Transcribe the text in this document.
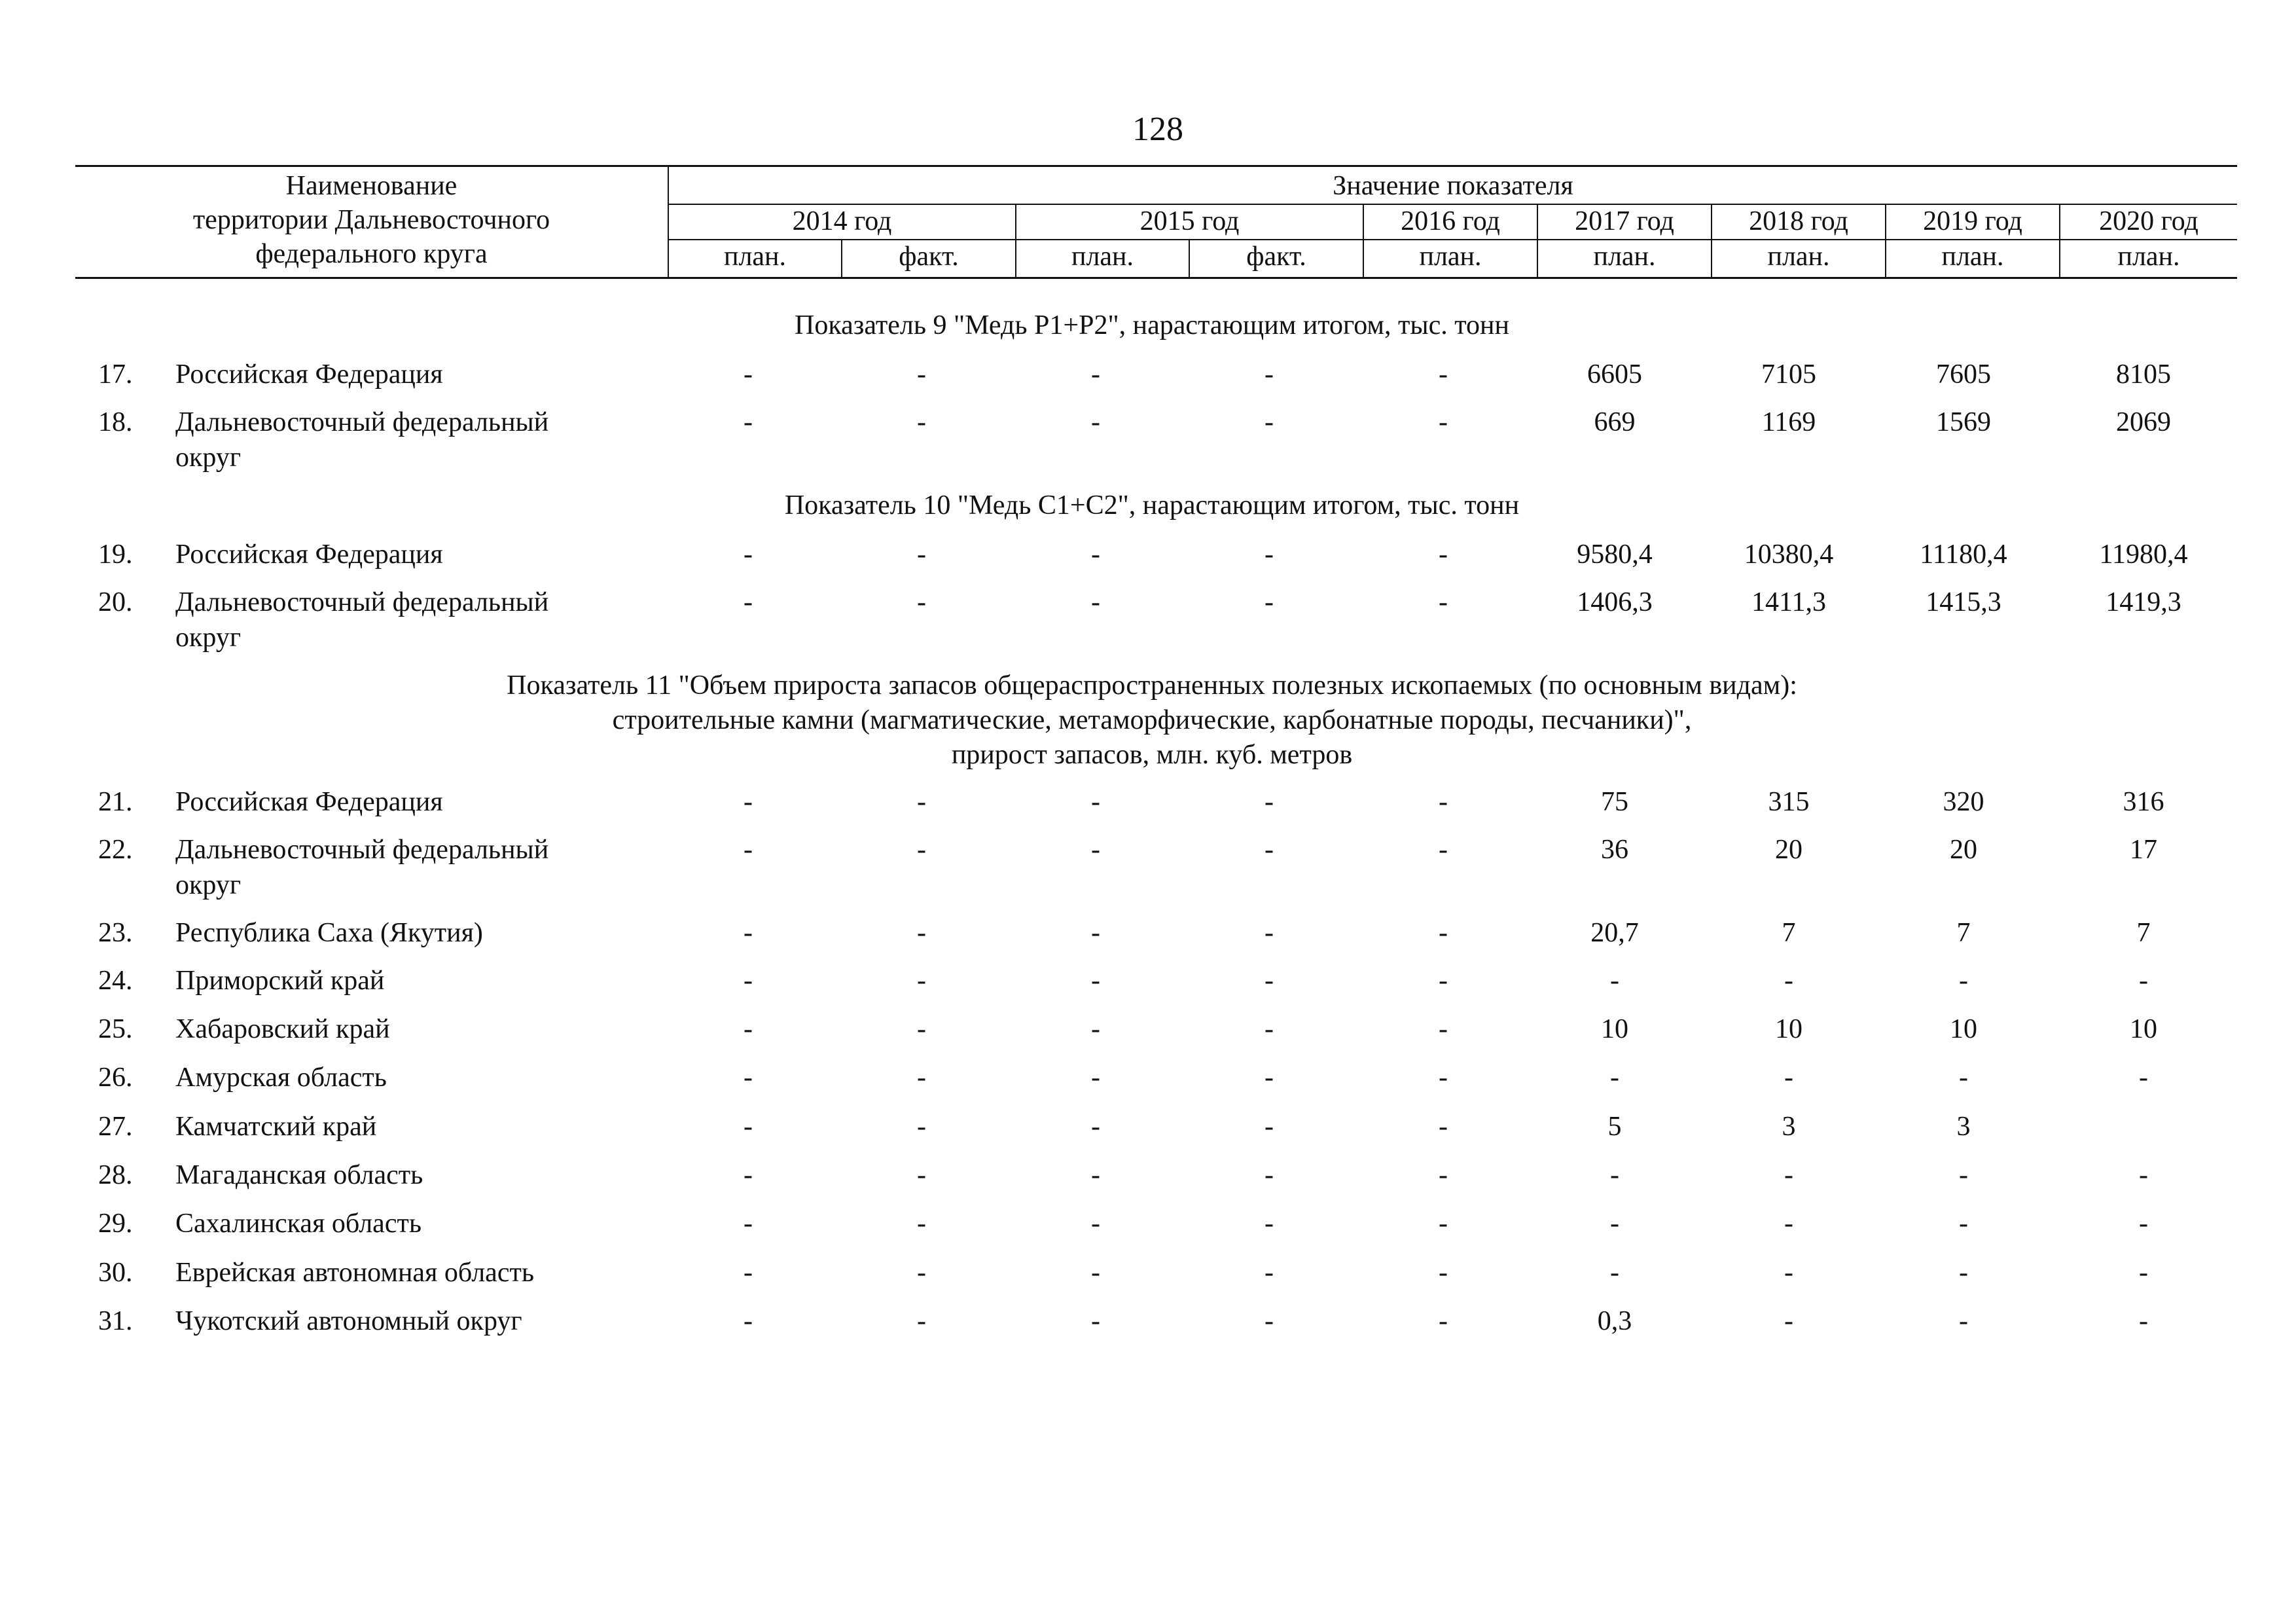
128
Наименование
территории Дальневосточного
федерального круга
Значение показателя
2014 год	2015 год	2016 год	2017 год	2018 год	2019 год	2020 год
план.	факт.	план.	факт.	план.	план.	план.	план.	план.
Показатель 9 "Медь P1+P2", нарастающим итогом, тыс. тонн
17. Российская Федерация	-	-	-	-	-	6605	7105	7605	8105
18. Дальневосточный федеральный
округ
-	-	-	-	-	669	1169	1569	2069
Показатель 10 "Медь C1+C2", нарастающим итогом, тыс. тонн
19. Российская Федерация	-	-	-	-	-	9580,4	10380,4	11180,4	11980,4
20. Дальневосточный федеральный
округ
-	-	-	-	-	1406,3	1411,3	1415,3	1419,3
Показатель 11 "Объем прироста запасов общераспространенных полезных ископаемых (по основным видам):
строительные камни (магматические, метаморфические, карбонатные породы, песчаники)",
прирост запасов, млн. куб. метров
21. Российская Федерация	-	-	-	-	-	75	315	320	316
22. Дальневосточный федеральный
округ
-	-	-	-	-	36	20	20	17
23. Республика Саха (Якутия)	-	-	-	-	-	20,7	7	7	7
24. Приморский край	-	-	-	-	-	-	-	-	-
25. Хабаровский край	-	-	-	-	-	10	10	10	10
26. Амурская область	-	-	-	-	-	-	-	-	-
27. Камчатский край	-	-	-	-	-	5	3	3
28. Магаданская область	-	-	-	-	-	-	-	-	-
29. Сахалинская область	-	-	-	-	-	-	-	-	-
30. Еврейская автономная область	-	-	-	-	-	-	-	-	-
31. Чукотский автономный округ	-	-	-	-	-	0,3	-	-	-
